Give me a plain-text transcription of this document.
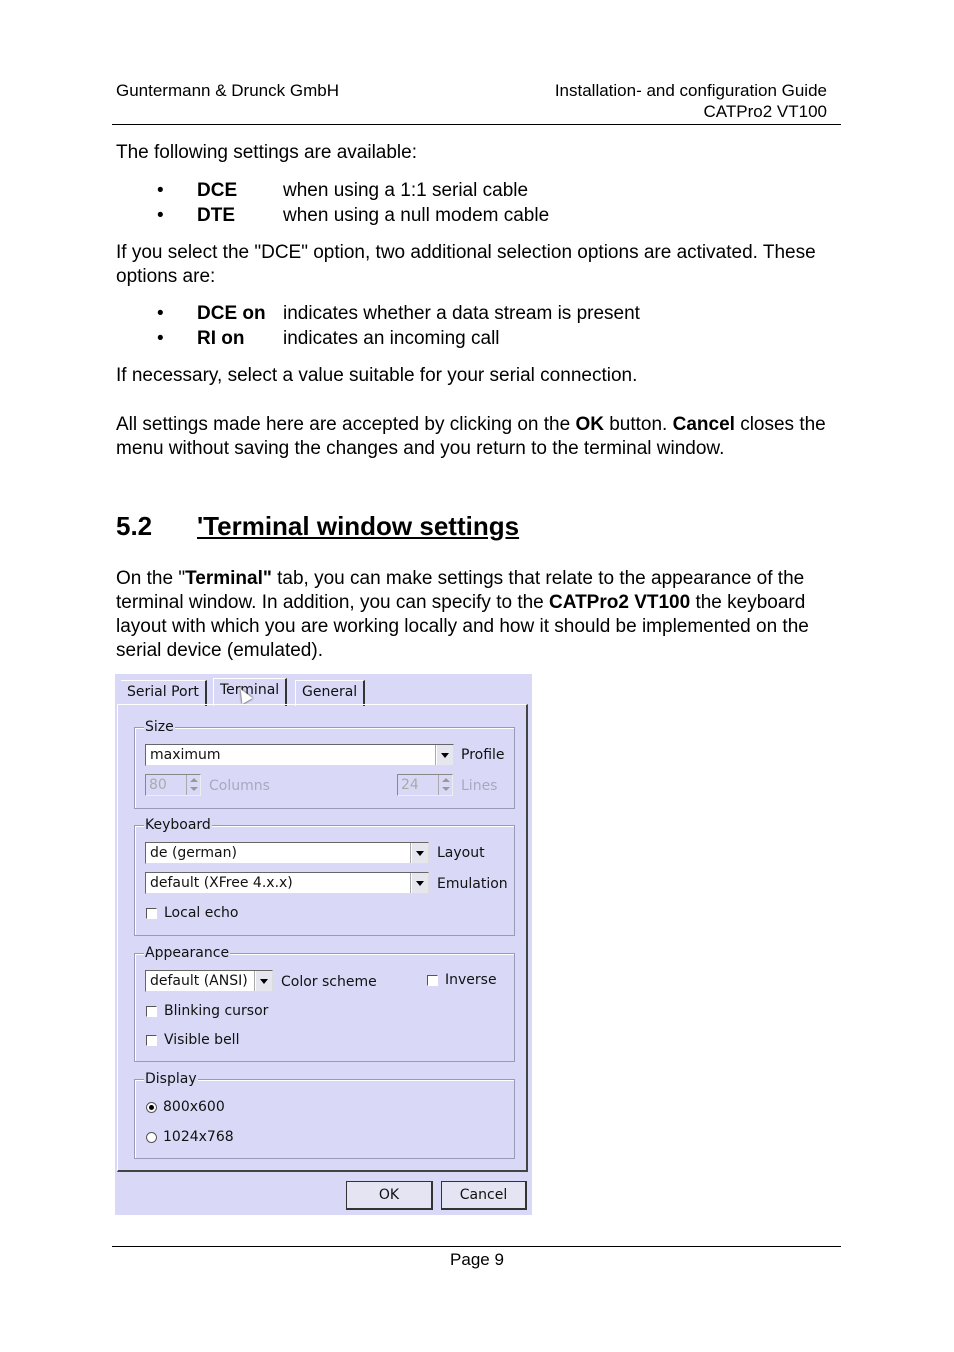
Guntermann & Drunck GmbH	Installation- and configuration Guide
CATPro2 VT100
The following settings are available:
• DCE when using a 1:1 serial cable
• DTE	when using a null modem cable
If you select the "DCE" option, two additional selection options are activated. These options are:
• DCE on indicates whether a data stream is present
• RI on indicates an incoming call
If necessary, select a value suitable for your serial connection.
All settings made here are accepted by clicking on the OK button. Cancel closes the menu without saving the changes and you return to the terminal window.
5.2 'Terminal window settings
On the "Terminal" tab, you can make settings that relate to the appearance of the terminal window. In addition, you can specify to the CATPro2 VT100 the keyboard layout with which you are working locally and how it should be implemented on the serial device (emulated).
Serial Port	Terminal	General
Size
maximum	Profile
80	Columns	24	Lines
Keyboard
de (german)	Layout
default (XFree 4.x.x)	Emulation
Local echo
Appearance
default (ANSI)	Color scheme	Inverse
Blinking cursor
Visible bell
Display
800x600
1024x768
OK	Cancel
Page 9
